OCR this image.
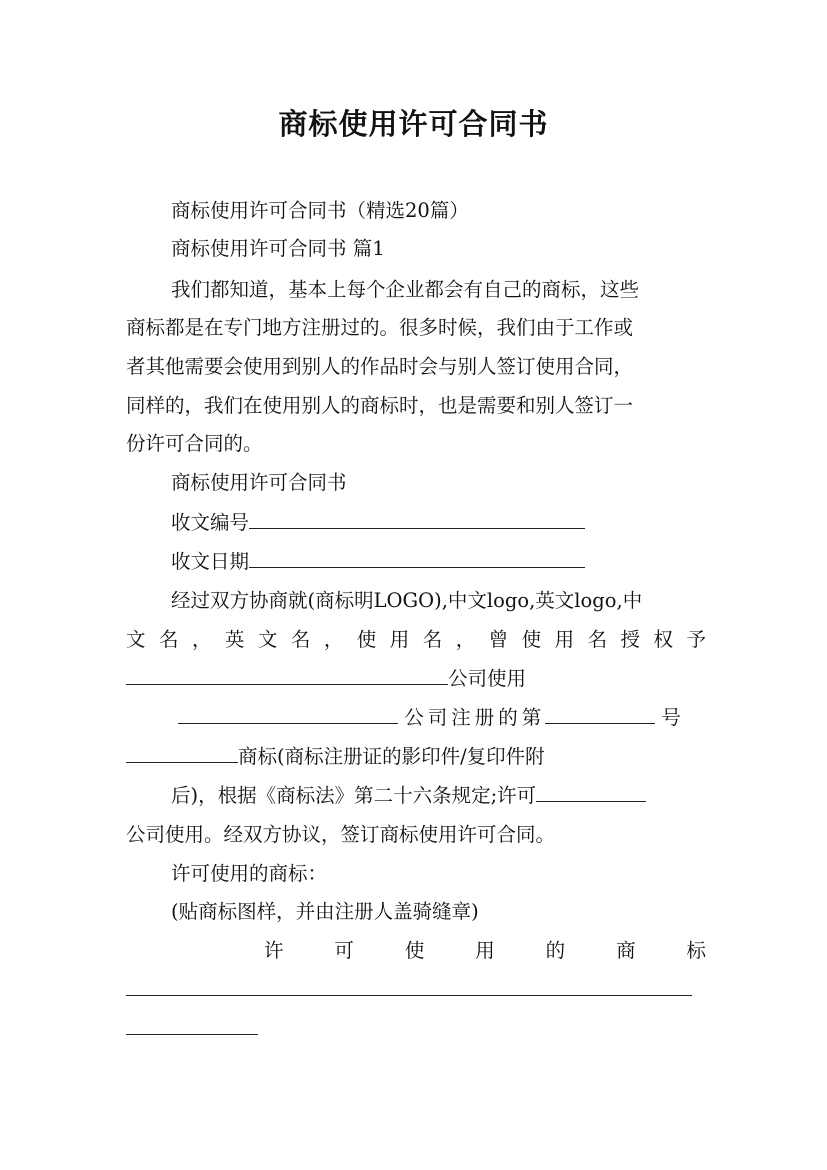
商标使用许可合同书

商标使用许可合同书（精选20篇）

商标使用许可合同书 篇1

我们都知道，基本上每个企业都会有自己的商标，这些

商标都是在专门地方注册过的。很多时候，我们由于工作或

者其他需要会使用到别人的作品时会与别人签订使用合同，

同样的，我们在使用别人的商标时，也是需要和别人签订一

份许可合同的。

商标使用许可合同书

收文编号

收文日期

经过双方协商就(商标明LOGO),中文logo,英文logo,中

文名，英文名，使用名，曾使用名授权予

公司使用

公司注册的第	号

商标(商标注册证的影印件/复印件附

后)，根据《商标法》第二十六条规定;许可

公司使用。经双方协议，签订商标使用许可合同。

许可使用的商标：

(贴商标图样，并由注册人盖骑缝章)

许可使用的商标
